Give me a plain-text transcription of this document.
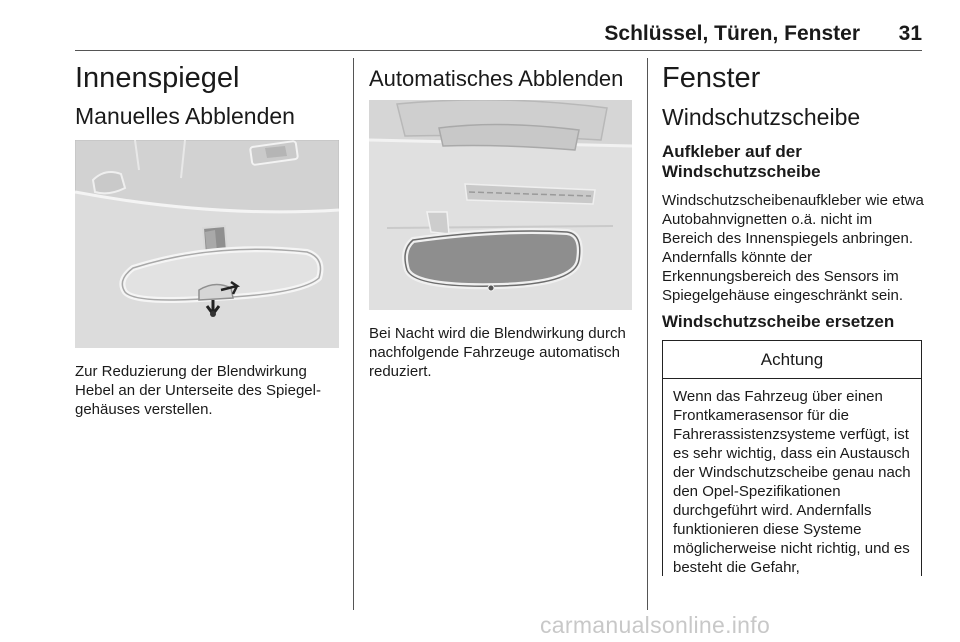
Schlüssel, Türen, Fenster	31
Innenspiegel
Manuelles Abblenden
Zur Reduzierung der Blendwirkung Hebel an der Unterseite des Spiegelgehäuses verstellen.
Automatisches Abblenden
Bei Nacht wird die Blendwirkung durch nachfolgende Fahrzeuge automatisch reduziert.
Fenster
Windschutzscheibe
Aufkleber auf der Windschutzscheibe
Windschutzscheibenaufkleber wie etwa Autobahnvignetten o.ä. nicht im Bereich des Innenspiegels anbringen. Andernfalls könnte der Erkennungsbereich des Sensors im Spiegelgehäuse eingeschränkt sein.
Windschutzscheibe ersetzen
Achtung
Wenn das Fahrzeug über einen Frontkamerasensor für die Fahrerassistenzsysteme verfügt, ist es sehr wichtig, dass ein Austausch der Windschutzscheibe genau nach den Opel-Spezifikationen durchgeführt wird. Andernfalls funktionieren diese Systeme möglicherweise nicht richtig, und es besteht die Gefahr,
carmanualsonline.info
